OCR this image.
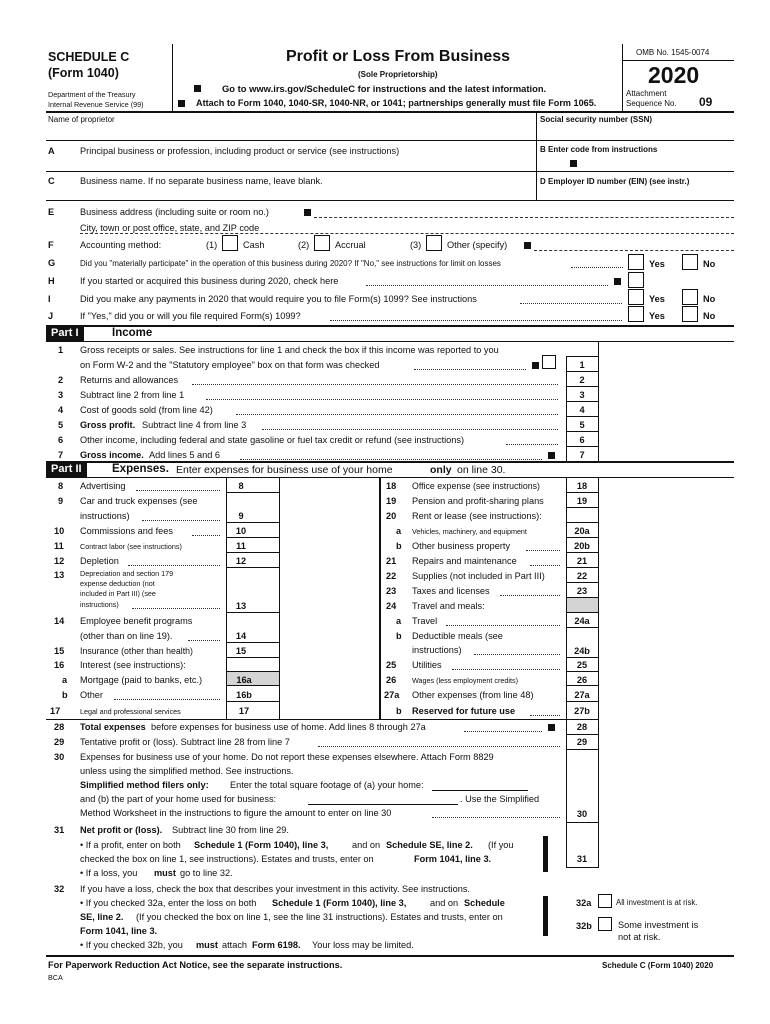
SCHEDULE C
(Form 1040)
Department of the Treasury
Internal Revenue Service (99)
Profit or Loss From Business
(Sole Proprietorship)
Go to www.irs.gov/ScheduleC for instructions and the latest information.
Attach to Form 1040, 1040-SR, 1040-NR, or 1041; partnerships generally must file Form 1065.
OMB No. 1545-0074
2020
Attachment
Sequence No. 09
Name of proprietor	Social security number (SSN)
A	Principal business or profession, including product or service (see instructions)	B Enter code from instructions
C	Business name. If no separate business name, leave blank.	D Employer ID number (EIN) (see instr.)
E	Business address (including suite or room no.)
City, town or post office, state, and ZIP code
F	Accounting method:	(1)	Cash	(2)	Accrual	(3)	Other (specify)
G	Did you "materially participate" in the operation of this business during 2020? If "No," see instructions for limit on losses	Yes	No
H	If you started or acquired this business during 2020, check here
I	Did you make any payments in 2020 that would require you to file Form(s) 1099? See instructions	Yes	No
J	If "Yes," did you or will you file required Form(s) 1099?	Yes	No
Part I	Income
1 Gross receipts or sales. See instructions for line 1 and check the box if this income was reported to you
on Form W-2 and the "Statutory employee" box on that form was checked	1
2 Returns and allowances	2
3 Subtract line 2 from line 1	3
4 Cost of goods sold (from line 42)	4
5 Gross profit. Subtract line 4 from line 3	5
6 Other income, including federal and state gasoline or fuel tax credit or refund (see instructions)	6
7 Gross income. Add lines 5 and 6	7
Part II	Expenses. Enter expenses for business use of your home	only on line 30.
8 Advertising	8
9 Car and truck expenses (see
instructions)	9
10 Commissions and fees	10
11 Contract labor (see instructions)	11
12 Depletion	12
13 Depreciation and section 179
expense deduction (not
included in Part III) (see
instructions)	13
14 Employee benefit programs
(other than on line 19).	14
15 Insurance (other than health)	15
16 Interest (see instructions):
a Mortgage (paid to banks, etc.)	16a
b Other	16b
17	Legal and professional services	17
18 Office expense (see instructions)	18
19 Pension and profit-sharing plans	19
20 Rent or lease (see instructions):
a Vehicles, machinery, and equipment	20a
b Other business property	20b
21 Repairs and maintenance	21
22 Supplies (not included in Part III)	22
23 Taxes and licenses	23
24 Travel and meals:
a Travel	24a
b Deductible meals (see
instructions)	24b
25 Utilities	25
26 Wages (less employment credits)	26
27a Other expenses (from line 48)	27a
b Reserved for future use	27b
28 Total expenses before expenses for business use of home. Add lines 8 through 27a	28
29 Tentative profit or (loss). Subtract line 28 from line 7	29
30 Expenses for business use of your home. Do not report these expenses elsewhere. Attach Form 8829
unless using the simplified method. See instructions.
Simplified method filers only: Enter the total square footage of (a) your home:
and (b) the part of your home used for business:	. Use the Simplified
Method Worksheet in the instructions to figure the amount to enter on line 30	30
31 Net profit or (loss). Subtract line 30 from line 29.
• If a profit, enter on both Schedule 1 (Form 1040), line 3,	and on Schedule SE, line 2. (If you
checked the box on line 1, see instructions). Estates and trusts, enter on	Form 1041, line 3.
• If a loss, you must go to line 32.
31
32 If you have a loss, check the box that describes your investment in this activity. See instructions.
• If you checked 32a, enter the loss on both Schedule 1 (Form 1040), line 3,	and on Schedule
SE, line 2. (If you checked the box on line 1, see the line 31 instructions). Estates and trusts, enter on
Form 1041, line 3.
• If you checked 32b, you must attach Form 6198. Your loss may be limited.
32a	All investment is at risk.
32b	Some investment is
not at risk.
For Paperwork Reduction Act Notice, see the separate instructions.
BCA
Schedule C (Form 1040) 2020
